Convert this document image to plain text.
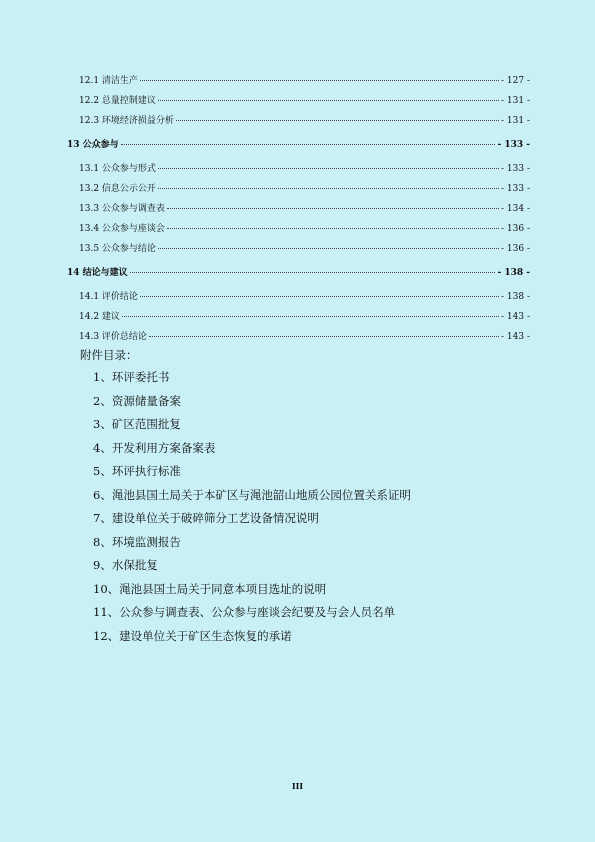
12.1 清洁生产	- 127 -
12.2 总量控制建议	- 131 -
12.3 环境经济损益分析	- 131 -
13 公众参与	- 133 -
13.1 公众参与形式	- 133 -
13.2 信息公示公开	- 133 -
13.3 公众参与调查表	- 134 -
13.4 公众参与座谈会	- 136 -
13.5 公众参与结论	- 136 -
14 结论与建议	- 138 -
14.1 评价结论	- 138 -
14.2 建议	- 143 -
14.3 评价总结论	- 143 -
附件目录：
1、环评委托书
2、资源储量备案
3、矿区范围批复
4、开发利用方案备案表
5、环评执行标准
6、渑池县国土局关于本矿区与渑池韶山地质公园位置关系证明
7、建设单位关于破碎筛分工艺设备情况说明
8、环境监测报告
9、水保批复
10、渑池县国土局关于同意本项目选址的说明
11、公众参与调查表、公众参与座谈会纪要及与会人员名单
12、建设单位关于矿区生态恢复的承诺
III
